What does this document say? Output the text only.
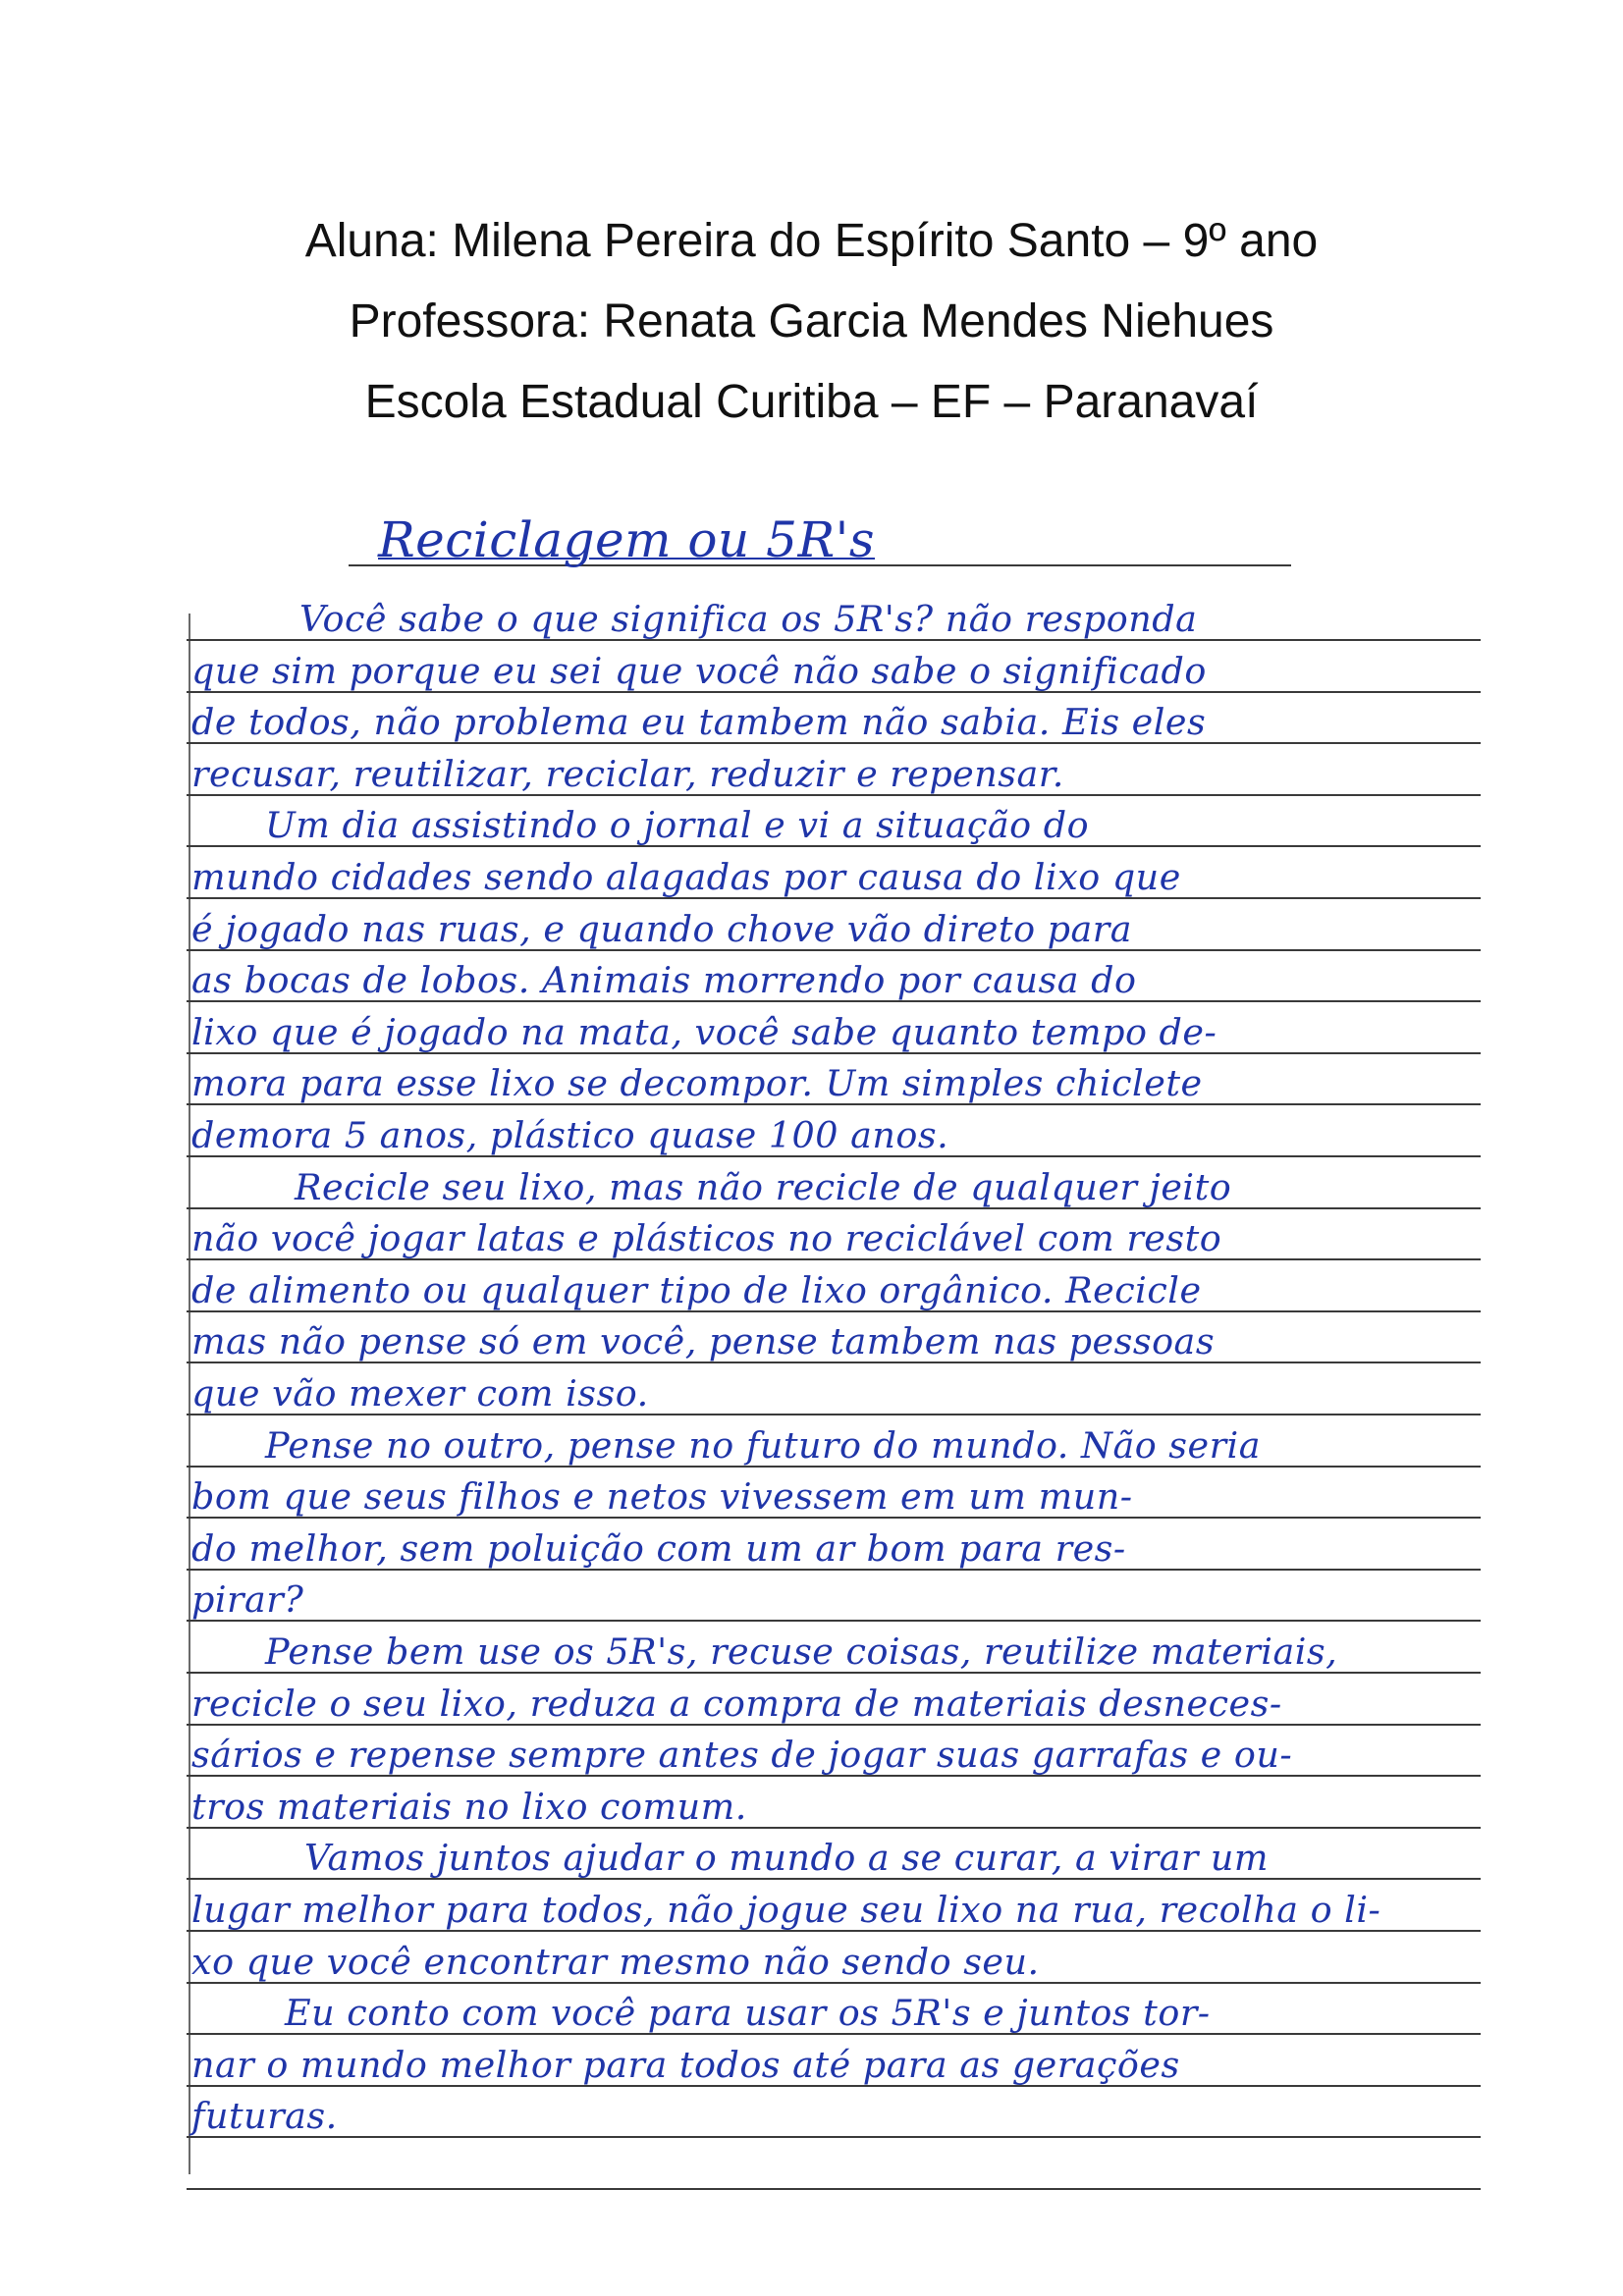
Aluna: Milena Pereira do Espírito Santo – 9º ano
Professora: Renata Garcia Mendes Niehues
Escola Estadual Curitiba – EF – Paranavaí
Reciclagem ou 5R's
Você sabe o que significa os 5R's? não responda
que sim porque eu sei que você não sabe o significado
de todos, não problema eu tambem não sabia. Eis eles
recusar, reutilizar, reciclar, reduzir e repensar.
Um dia assistindo o jornal e vi a situação do
mundo cidades sendo alagadas por causa do lixo que
é jogado nas ruas, e quando chove vão direto para
as bocas de lobos. Animais morrendo por causa do
lixo que é jogado na mata, você sabe quanto tempo de-
mora para esse lixo se decompor. Um simples chiclete
demora 5 anos, plástico quase 100 anos.
Recicle seu lixo, mas não recicle de qualquer jeito
não você jogar latas e plásticos no reciclável com resto
de alimento ou qualquer tipo de lixo orgânico. Recicle
mas não pense só em você, pense tambem nas pessoas
que vão mexer com isso.
Pense no outro, pense no futuro do mundo. Não seria
bom que seus filhos e netos vivessem em um mun-
do melhor, sem poluição com um ar bom para res-
pirar?
Pense bem use os 5R's, recuse coisas, reutilize materiais,
recicle o seu lixo, reduza a compra de materiais desneces-
sários e repense sempre antes de jogar suas garrafas e ou-
tros materiais no lixo comum.
Vamos juntos ajudar o mundo a se curar, a virar um
lugar melhor para todos, não jogue seu lixo na rua, recolha o li-
xo que você encontrar mesmo não sendo seu.
Eu conto com você para usar os 5R's e juntos tor-
nar o mundo melhor para todos até para as gerações
futuras.
